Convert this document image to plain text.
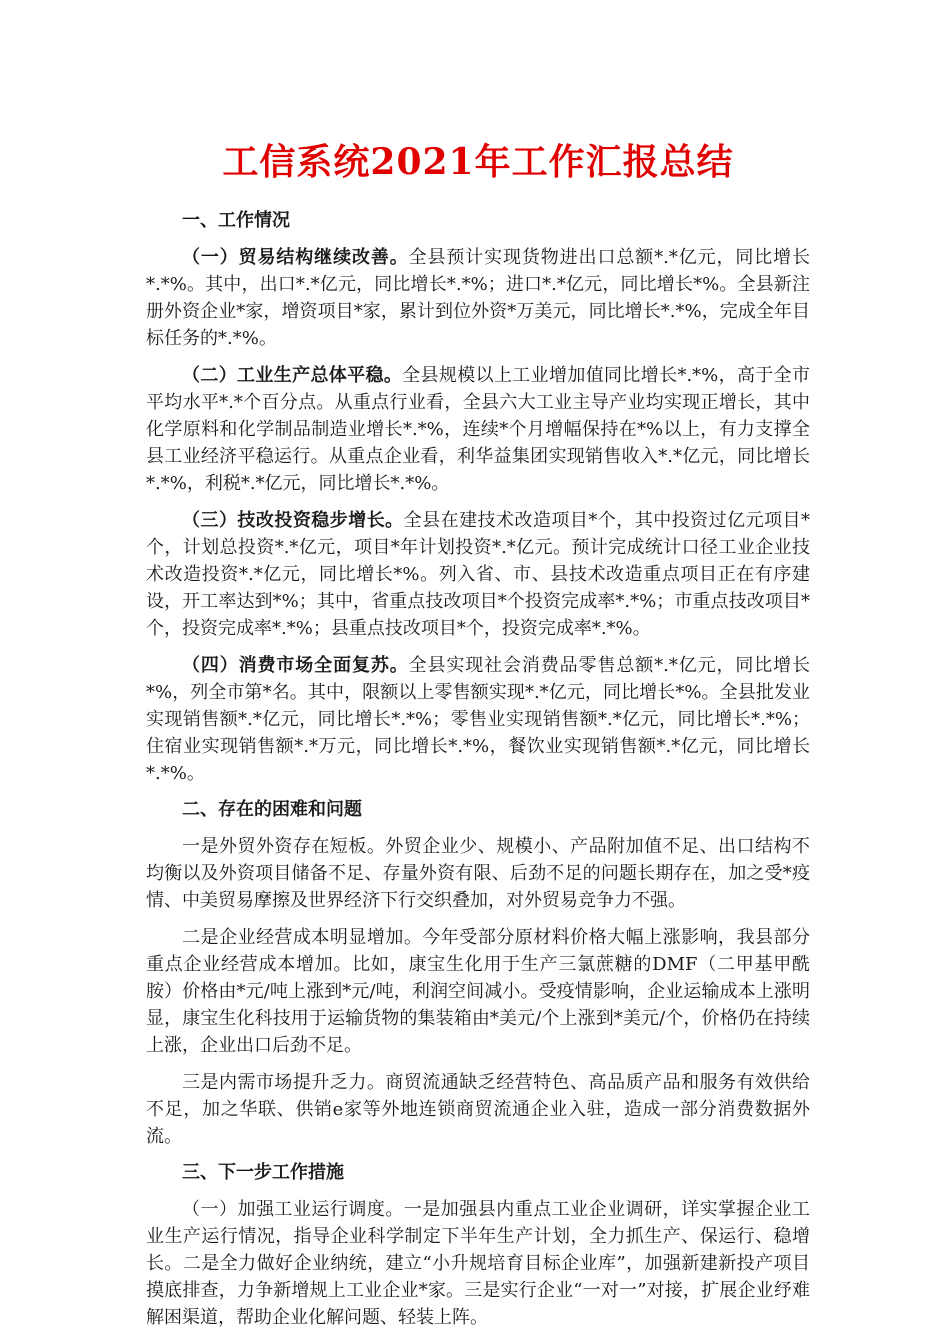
工信系统2021年工作汇报总结
一、工作情况

（一）贸易结构继续改善。全县预计实现货物进出口总额*.*亿元，同比增长*.*%。其中，出口*.*亿元，同比增长*.*%；进口*.*亿元，同比增长*%。全县新注册外资企业*家，增资项目*家，累计到位外资*万美元，同比增长*.*%，完成全年目标任务的*.*%。

（二）工业生产总体平稳。全县规模以上工业增加值同比增长*.*%，高于全市平均水平*.*个百分点。从重点行业看，全县六大工业主导产业均实现正增长，其中化学原料和化学制品制造业增长*.*%，连续*个月增幅保持在*%以上，有力支撑全县工业经济平稳运行。从重点企业看，利华益集团实现销售收入*.*亿元，同比增长*.*%，利税*.*亿元，同比增长*.*%。

（三）技改投资稳步增长。全县在建技术改造项目*个，其中投资过亿元项目*个，计划总投资*.*亿元，项目*年计划投资*.*亿元。预计完成统计口径工业企业技术改造投资*.*亿元，同比增长*%。列入省、市、县技术改造重点项目正在有序建设，开工率达到*%；其中，省重点技改项目*个投资完成率*.*%；市重点技改项目*个，投资完成率*.*%；县重点技改项目*个，投资完成率*.*%。

（四）消费市场全面复苏。全县实现社会消费品零售总额*.*亿元，同比增长*%，列全市第*名。其中，限额以上零售额实现*.*亿元，同比增长*%。全县批发业实现销售额*.*亿元，同比增长*.*%；零售业实现销售额*.*亿元，同比增长*.*%；住宿业实现销售额*.*万元，同比增长*.*%，餐饮业实现销售额*.*亿元，同比增长*.*%。

二、存在的困难和问题

一是外贸外资存在短板。外贸企业少、规模小、产品附加值不足、出口结构不均衡以及外资项目储备不足、存量外资有限、后劲不足的问题长期存在，加之受*疫情、中美贸易摩擦及世界经济下行交织叠加，对外贸易竞争力不强。

二是企业经营成本明显增加。今年受部分原材料价格大幅上涨影响，我县部分重点企业经营成本增加。比如，康宝生化用于生产三氯蔗糖的DMF（二甲基甲酰胺）价格由*元/吨上涨到*元/吨，利润空间减小。受疫情影响，企业运输成本上涨明显，康宝生化科技用于运输货物的集装箱由*美元/个上涨到*美元/个，价格仍在持续上涨，企业出口后劲不足。

三是内需市场提升乏力。商贸流通缺乏经营特色、高品质产品和服务有效供给不足，加之华联、供销e家等外地连锁商贸流通企业入驻，造成一部分消费数据外流。

三、下一步工作措施

（一）加强工业运行调度。一是加强县内重点工业企业调研，详实掌握企业工业生产运行情况，指导企业科学制定下半年生产计划，全力抓生产、保运行、稳增长。二是全力做好企业纳统，建立“小升规培育目标企业库”，加强新建新投产项目摸底排查，力争新增规上工业企业*家。三是实行企业“一对一”对接，扩展企业纾难解困渠道，帮助企业化解问题、轻装上阵。
